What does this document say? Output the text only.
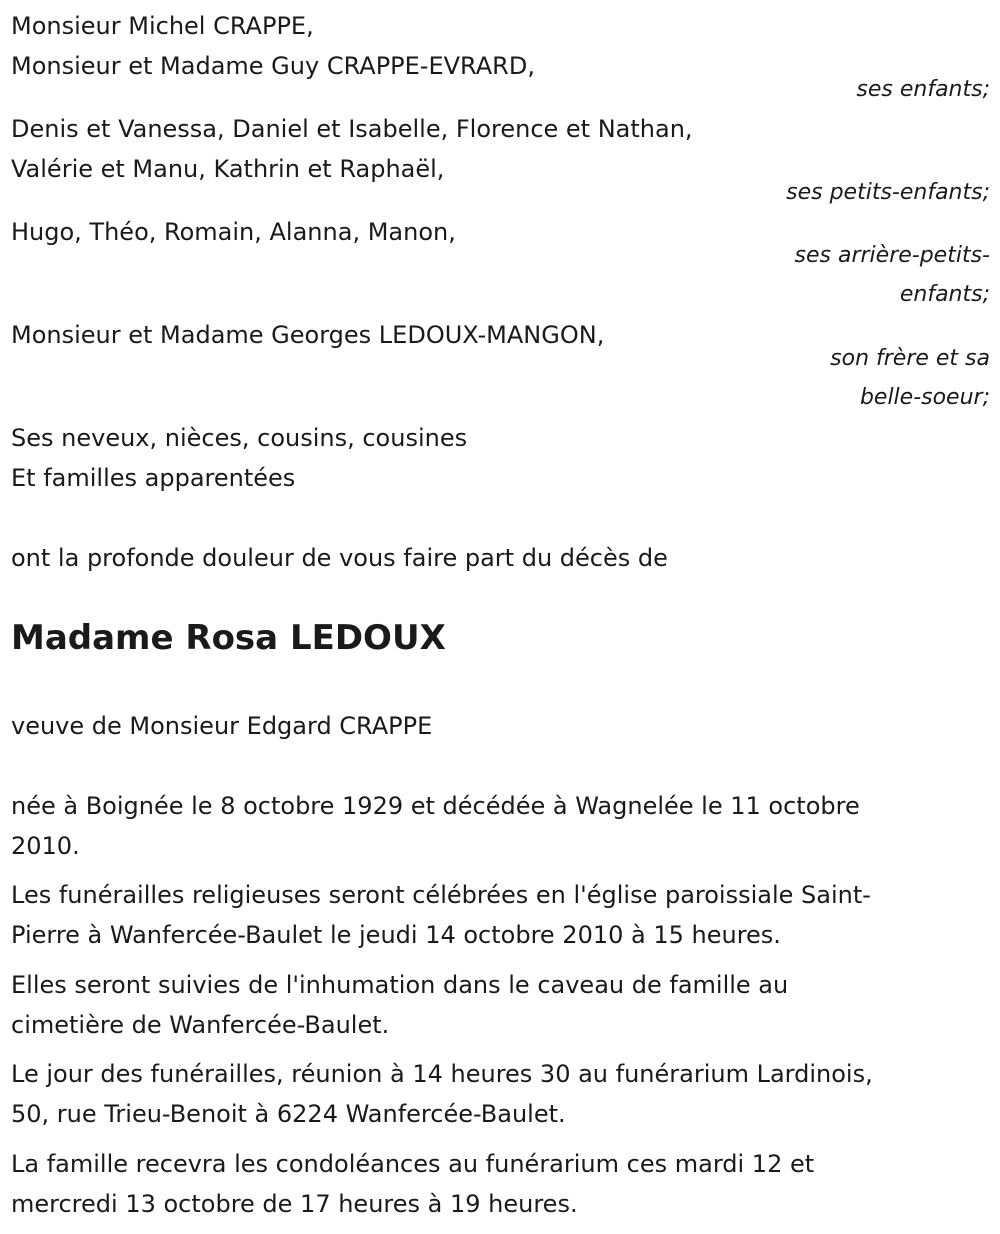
Monsieur Michel CRAPPE,
Monsieur et Madame Guy CRAPPE-EVRARD,
ses enfants;
Denis et Vanessa, Daniel et Isabelle, Florence et Nathan,
Valérie et Manu, Kathrin et Raphaël,
ses petits-enfants;
Hugo, Théo, Romain, Alanna, Manon,
ses arrière-petits-
enfants;
Monsieur et Madame Georges LEDOUX-MANGON,
son frère et sa
belle-soeur;
Ses neveux, nièces, cousins, cousines
Et familles apparentées
ont la profonde douleur de vous faire part du décès de
Madame Rosa LEDOUX
veuve de Monsieur Edgard CRAPPE
née à Boignée le 8 octobre 1929 et décédée à Wagnelée le 11 octobre
2010.
Les funérailles religieuses seront célébrées en l'église paroissiale Saint-
Pierre à Wanfercée-Baulet le jeudi 14 octobre 2010 à 15 heures.
Elles seront suivies de l'inhumation dans le caveau de famille au
cimetière de Wanfercée-Baulet.
Le jour des funérailles, réunion à 14 heures 30 au funérarium Lardinois,
50, rue Trieu-Benoit à 6224 Wanfercée-Baulet.
La famille recevra les condoléances au funérarium ces mardi 12 et
mercredi 13 octobre de 17 heures à 19 heures.
